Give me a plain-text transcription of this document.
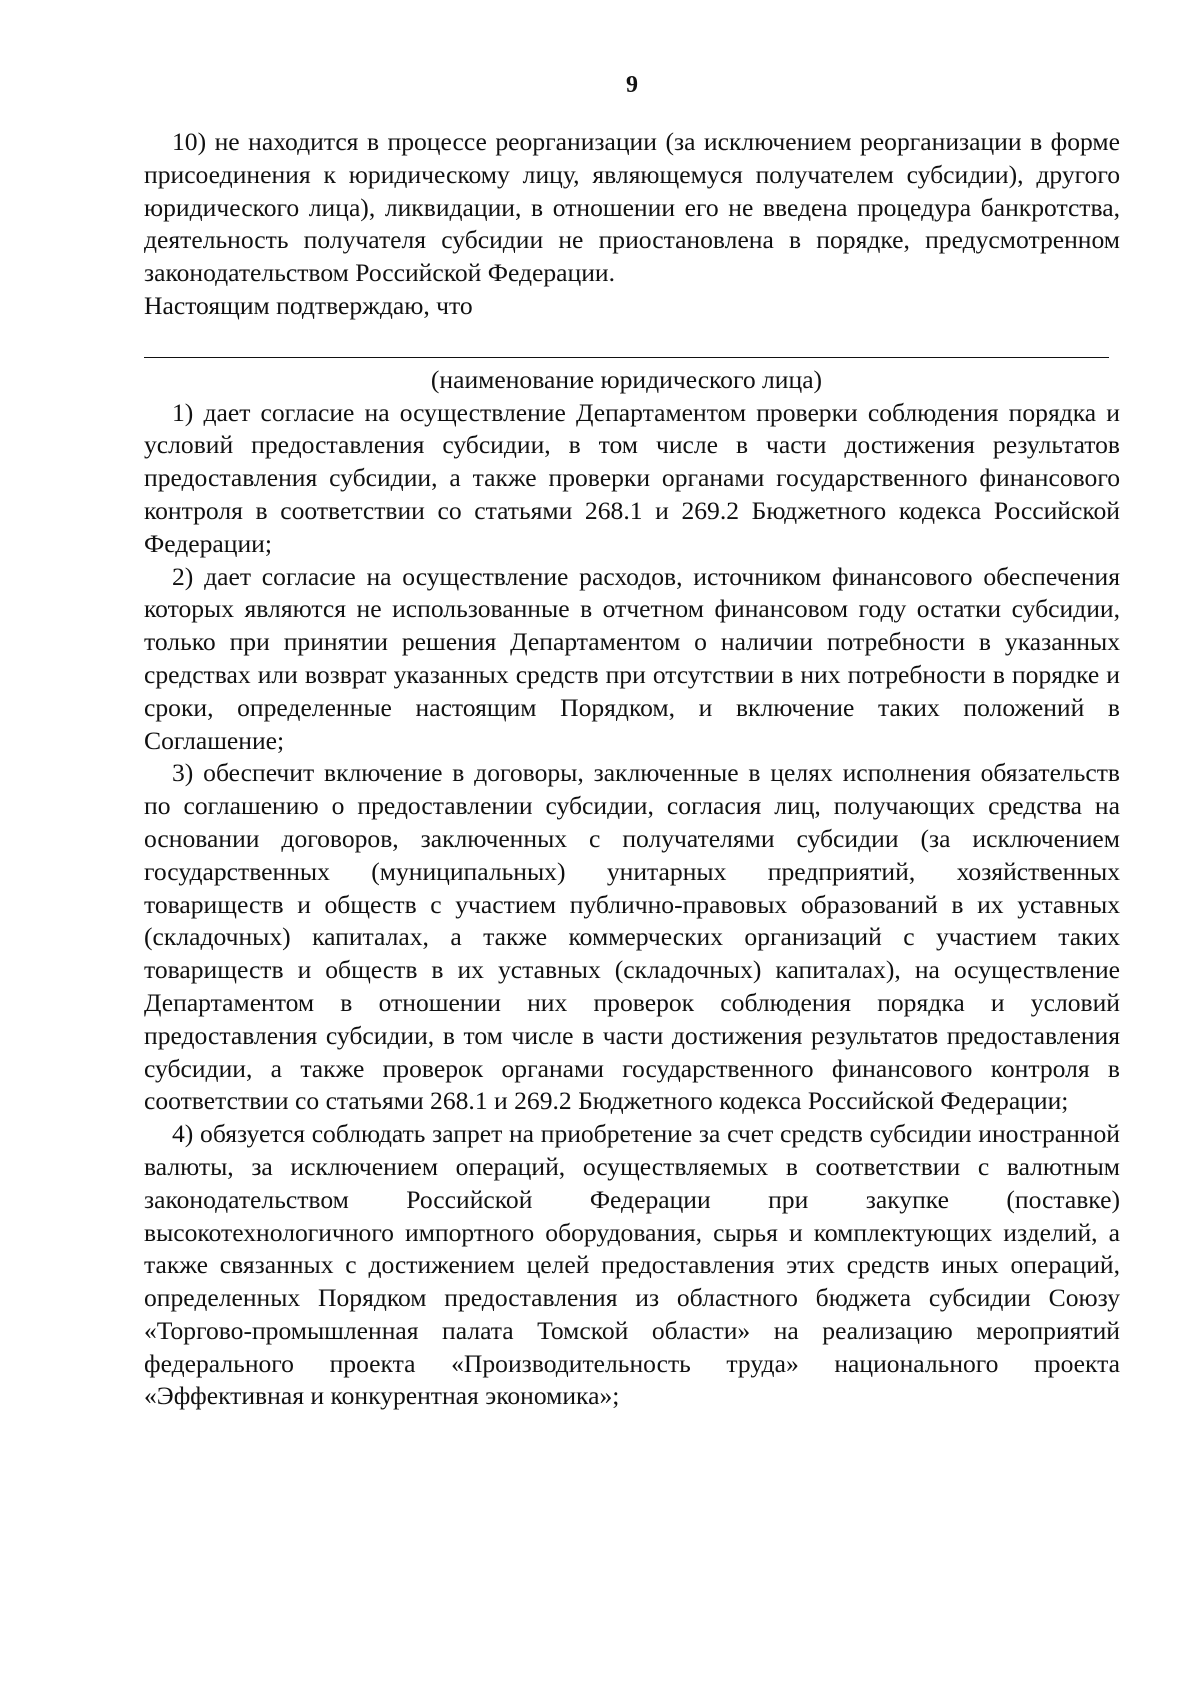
9

10) не находится в процессе реорганизации (за исключением реорганизации в форме присоединения к юридическому лицу, являющемуся получателем субсидии), другого юридического лица), ликвидации, в отношении его не введена процедура банкротства, деятельность получателя субсидии не приостановлена в порядке, предусмотренном законодательством Российской Федерации.

Настоящим подтверждаю, что

(наименование юридического лица)

1) дает согласие на осуществление Департаментом проверки соблюдения порядка и условий предоставления субсидии, в том числе в части достижения результатов предоставления субсидии, а также проверки органами государственного финансового контроля в соответствии со статьями 268.1 и 269.2 Бюджетного кодекса Российской Федерации;

2) дает согласие на осуществление расходов, источником финансового обеспечения которых являются не использованные в отчетном финансовом году остатки субсидии, только при принятии решения Департаментом о наличии потребности в указанных средствах или возврат указанных средств при отсутствии в них потребности в порядке и сроки, определенные настоящим Порядком, и включение таких положений в Соглашение;

3) обеспечит включение в договоры, заключенные в целях исполнения обязательств по соглашению о предоставлении субсидии, согласия лиц, получающих средства на основании договоров, заключенных с получателями субсидии (за исключением государственных (муниципальных) унитарных предприятий, хозяйственных товариществ и обществ с участием публично-правовых образований в их уставных (складочных) капиталах, а также коммерческих организаций с участием таких товариществ и обществ в их уставных (складочных) капиталах), на осуществление Департаментом в отношении них проверок соблюдения порядка и условий предоставления субсидии, в том числе в части достижения результатов предоставления субсидии, а также проверок органами государственного финансового контроля в соответствии со статьями 268.1 и 269.2 Бюджетного кодекса Российской Федерации;

4) обязуется соблюдать запрет на приобретение за счет средств субсидии иностранной валюты, за исключением операций, осуществляемых в соответствии с валютным законодательством Российской Федерации при закупке (поставке) высокотехнологичного импортного оборудования, сырья и комплектующих изделий, а также связанных с достижением целей предоставления этих средств иных операций, определенных Порядком предоставления из областного бюджета субсидии Союзу «Торгово-промышленная палата Томской области» на реализацию мероприятий федерального проекта «Производительность труда» национального проекта «Эффективная и конкурентная экономика»;
